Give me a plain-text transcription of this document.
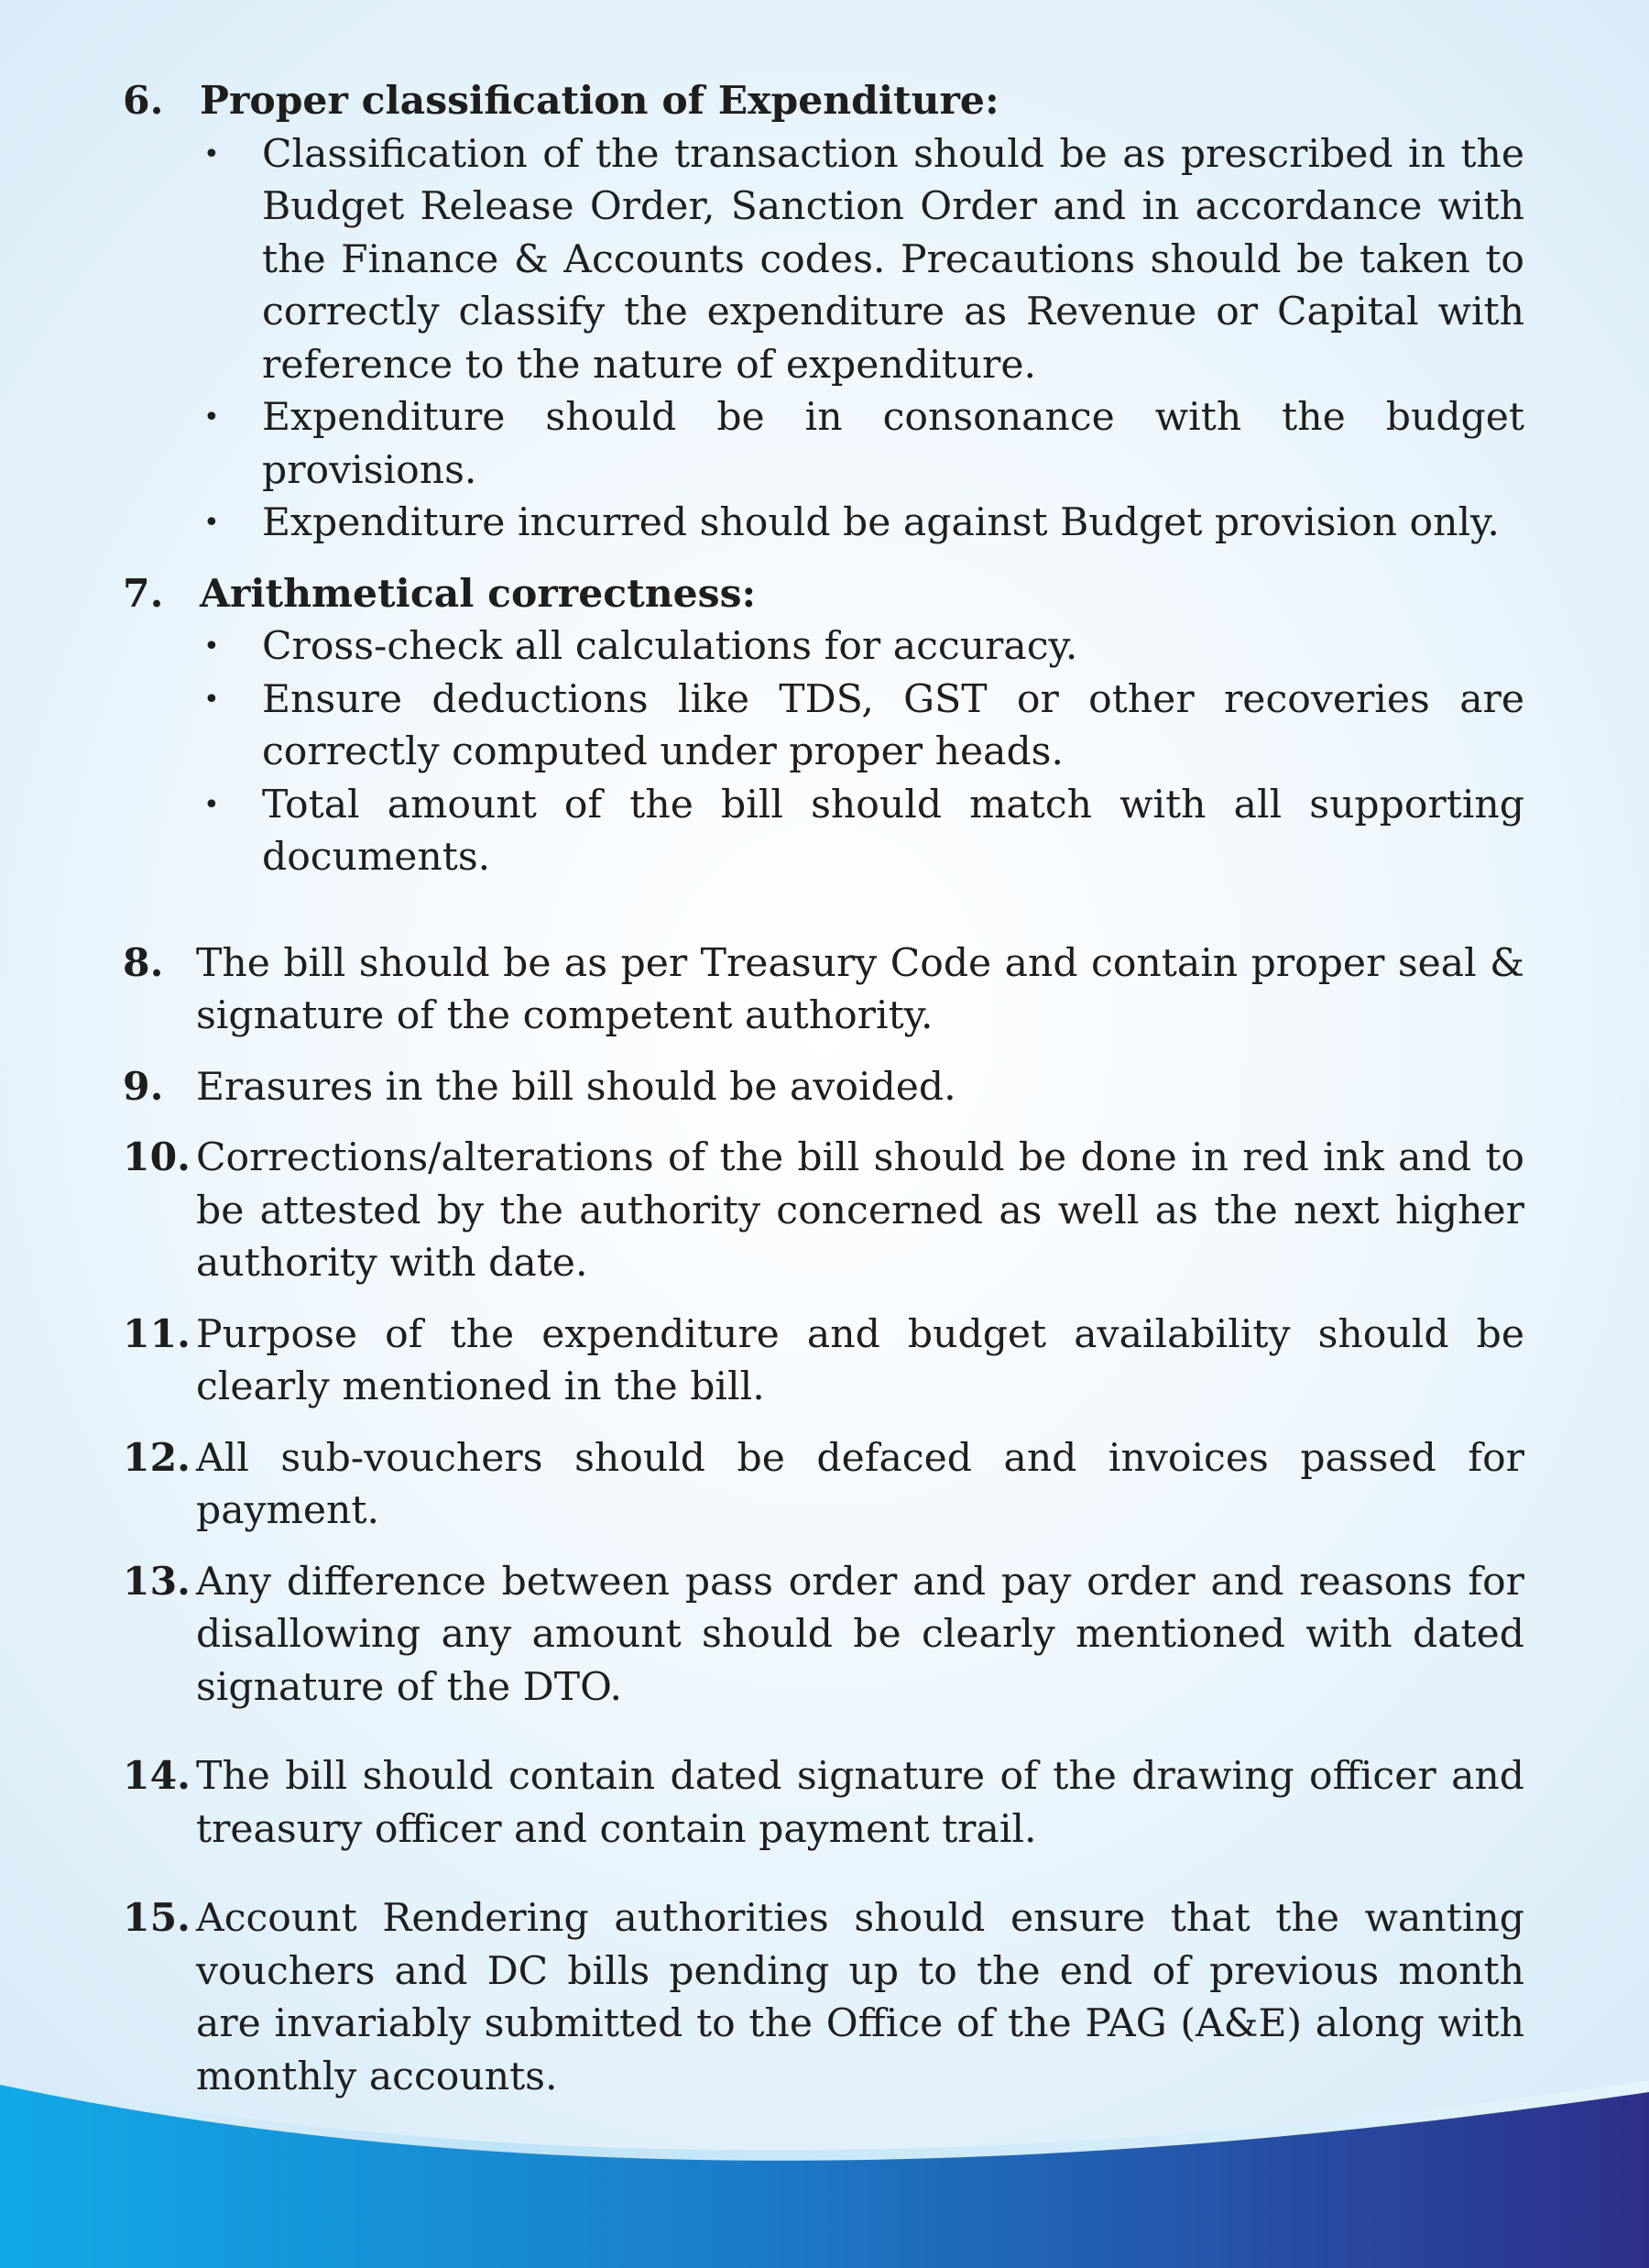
6. Proper classification of Expenditure:
•	Classification of the transaction should be as prescribed in the Budget Release Order, Sanction Order and in accordance with the Finance & Accounts codes. Precautions should be taken to correctly classify the expenditure as Revenue or Capital with reference to the nature of expenditure.
•	Expenditure should be in consonance with the budget provisions.
•	Expenditure incurred should be against Budget provision only.
7. Arithmetical correctness:
•	Cross-check all calculations for accuracy.
•	Ensure deductions like TDS, GST or other recoveries are correctly computed under proper heads.
•	Total amount of the bill should match with all supporting documents.
8. The bill should be as per Treasury Code and contain proper seal & signature of the competent authority.
9. Erasures in the bill should be avoided.
10. Corrections/alterations of the bill should be done in red ink and to be attested by the authority concerned as well as the next higher authority with date.
11. Purpose of the expenditure and budget availability should be clearly mentioned in the bill.
12. All sub-vouchers should be defaced and invoices passed for payment.
13. Any difference between pass order and pay order and reasons for disallowing any amount should be clearly mentioned with dated signature of the DTO.
14. The bill should contain dated signature of the drawing officer and treasury officer and contain payment trail.
15. Account Rendering authorities should ensure that the wanting vouchers and DC bills pending up to the end of previous month are invariably submitted to the Office of the PAG (A&E) along with monthly accounts.
